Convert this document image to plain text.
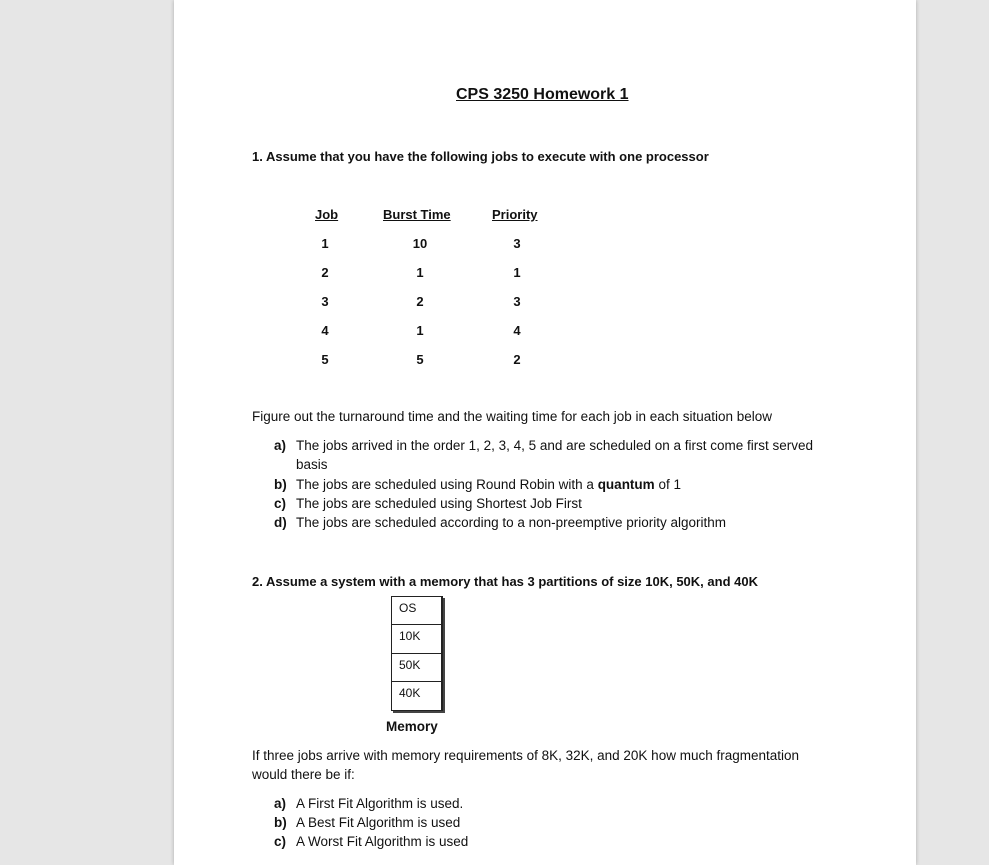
CPS 3250 Homework 1
1. Assume that you have the following jobs to execute with one processor
Job	Burst Time	Priority
1	10	3
2	1	1
3	2	3
4	1	4
5	5	2
Figure out the turnaround time and the waiting time for each job in each situation below
a) The jobs arrived in the order 1, 2, 3, 4, 5 and are scheduled on a first come first served
basis
b) The jobs are scheduled using Round Robin with a quantum of 1
c) The jobs are scheduled using Shortest Job First
d) The jobs are scheduled according to a non-preemptive priority algorithm
2. Assume a system with a memory that has 3 partitions of size 10K, 50K, and 40K
OS
10K
50K
40K
Memory
If three jobs arrive with memory requirements of 8K, 32K, and 20K how much fragmentation
would there be if:
a) A First Fit Algorithm is used.
b) A Best Fit Algorithm is used
c) A Worst Fit Algorithm is used
